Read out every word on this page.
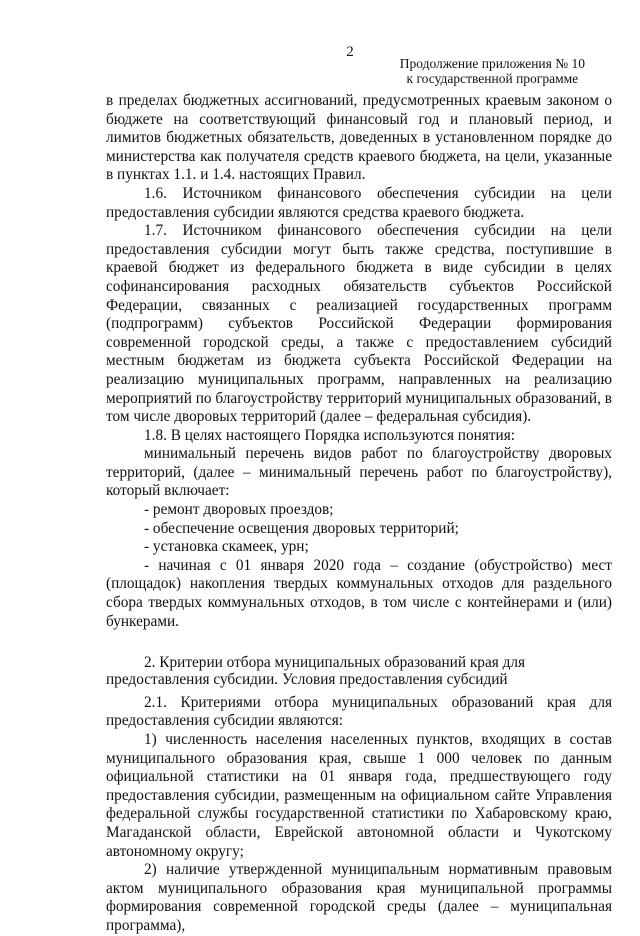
2
Продолжение приложения № 10
к государственной программе

в пределах бюджетных ассигнований, предусмотренных краевым законом о бюджете на соответствующий финансовый год и плановый период, и лимитов бюджетных обязательств, доведенных в установленном порядке до министерства как получателя средств краевого бюджета, на цели, указанные в пунктах 1.1. и 1.4. настоящих Правил.

1.6. Источником финансового обеспечения субсидии на цели предоставления субсидии являются средства краевого бюджета.

1.7. Источником финансового обеспечения субсидии на цели предоставления субсидии могут быть также средства, поступившие в краевой бюджет из федерального бюджета в виде субсидии в целях софинансирования расходных обязательств субъектов Российской Федерации, связанных с реализацией государственных программ (подпрограмм) субъектов Российской Федерации формирования современной городской среды, а также с предоставлением субсидий местным бюджетам из бюджета субъекта Российской Федерации на реализацию муниципальных программ, направленных на реализацию мероприятий по благоустройству территорий муниципальных образований, в том числе дворовых территорий (далее – федеральная субсидия).

1.8. В целях настоящего Порядка используются понятия:

минимальный перечень видов работ по благоустройству дворовых территорий, (далее – минимальный перечень работ по благоустройству), который включает:

- ремонт дворовых проездов;

- обеспечение освещения дворовых территорий;

- установка скамеек, урн;

- начиная с 01 января 2020 года – создание (обустройство) мест (площадок) накопления твердых коммунальных отходов для раздельного сбора твердых коммунальных отходов, в том числе с контейнерами и (или) бункерами.

2. Критерии отбора муниципальных образований края для предоставления субсидии. Условия предоставления субсидий

2.1. Критериями отбора муниципальных образований края для предоставления субсидии являются:

1) численность населения населенных пунктов, входящих в состав муниципального образования края, свыше 1 000 человек по данным официальной статистики на 01 января года, предшествующего году предоставления субсидии, размещенным на официальном сайте Управления федеральной службы государственной статистики по Хабаровскому краю, Магаданской области, Еврейской автономной области и Чукотскому автономному округу;

2) наличие утвержденной муниципальным нормативным правовым актом муниципального образования края муниципальной программы формирования современной городской среды (далее – муниципальная программа),
